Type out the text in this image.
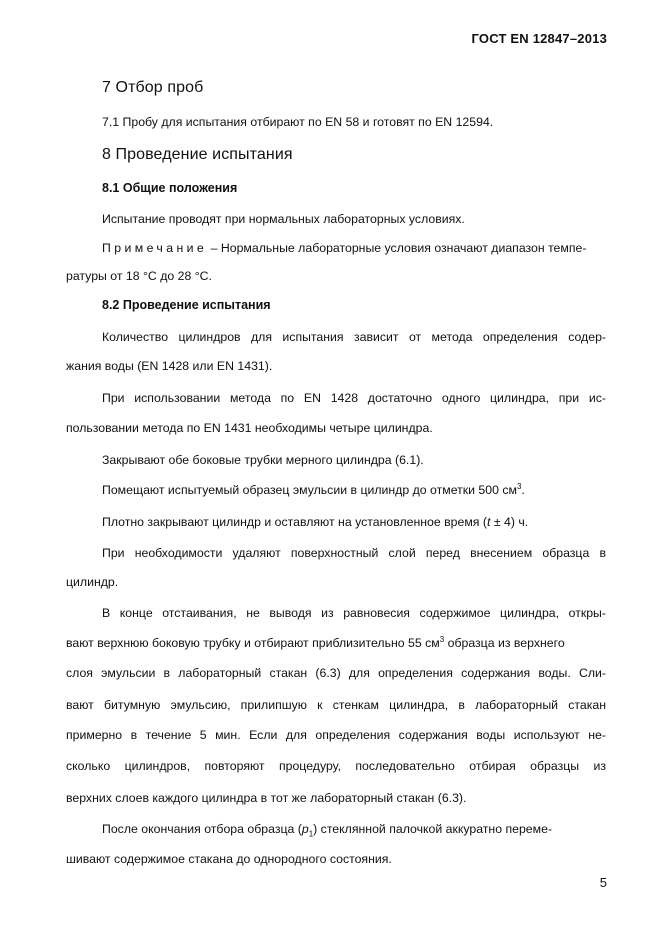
ГОСТ EN 12847–2013
7 Отбор проб
7.1 Пробу для испытания отбирают по EN 58 и готовят по EN 12594.
8 Проведение испытания
8.1 Общие положения
Испытание проводят при нормальных лабораторных условиях.
Примечание – Нормальные лабораторные условия означают диапазон темпе-
ратуры от 18 °С до 28 °С.
8.2 Проведение испытания
Количество цилиндров для испытания зависит от метода определения содер-
жания воды (EN 1428 или EN 1431).
При использовании метода по EN 1428 достаточно одного цилиндра, при ис-
пользовании метода по EN 1431 необходимы четыре цилиндра.
Закрывают обе боковые трубки мерного цилиндра (6.1).
Помещают испытуемый образец эмульсии в цилиндр до отметки 500 $см^3$.
Плотно закрывают цилиндр и оставляют на установленное время (t ± 4) ч.
При необходимости удаляют поверхностный слой перед внесением образца в
цилиндр.
В конце отстаивания, не выводя из равновесия содержимое цилиндра, откры-
вают верхнюю боковую трубку и отбирают приблизительно 55 $см^3$ образца из верхнего
слоя эмульсии в лабораторный стакан (6.3) для определения содержания воды. Сли-
вают битумную эмульсию, прилипшую к стенкам цилиндра, в лабораторный стакан
примерно в течение 5 мин. Если для определения содержания воды используют не-
сколько цилиндров, повторяют процедуру, последовательно отбирая образцы из
верхних слоев каждого цилиндра в тот же лабораторный стакан (6.3).
После окончания отбора образца $(p_1)$ стеклянной палочкой аккуратно переме-
шивают содержимое стакана до однородного состояния.
5
